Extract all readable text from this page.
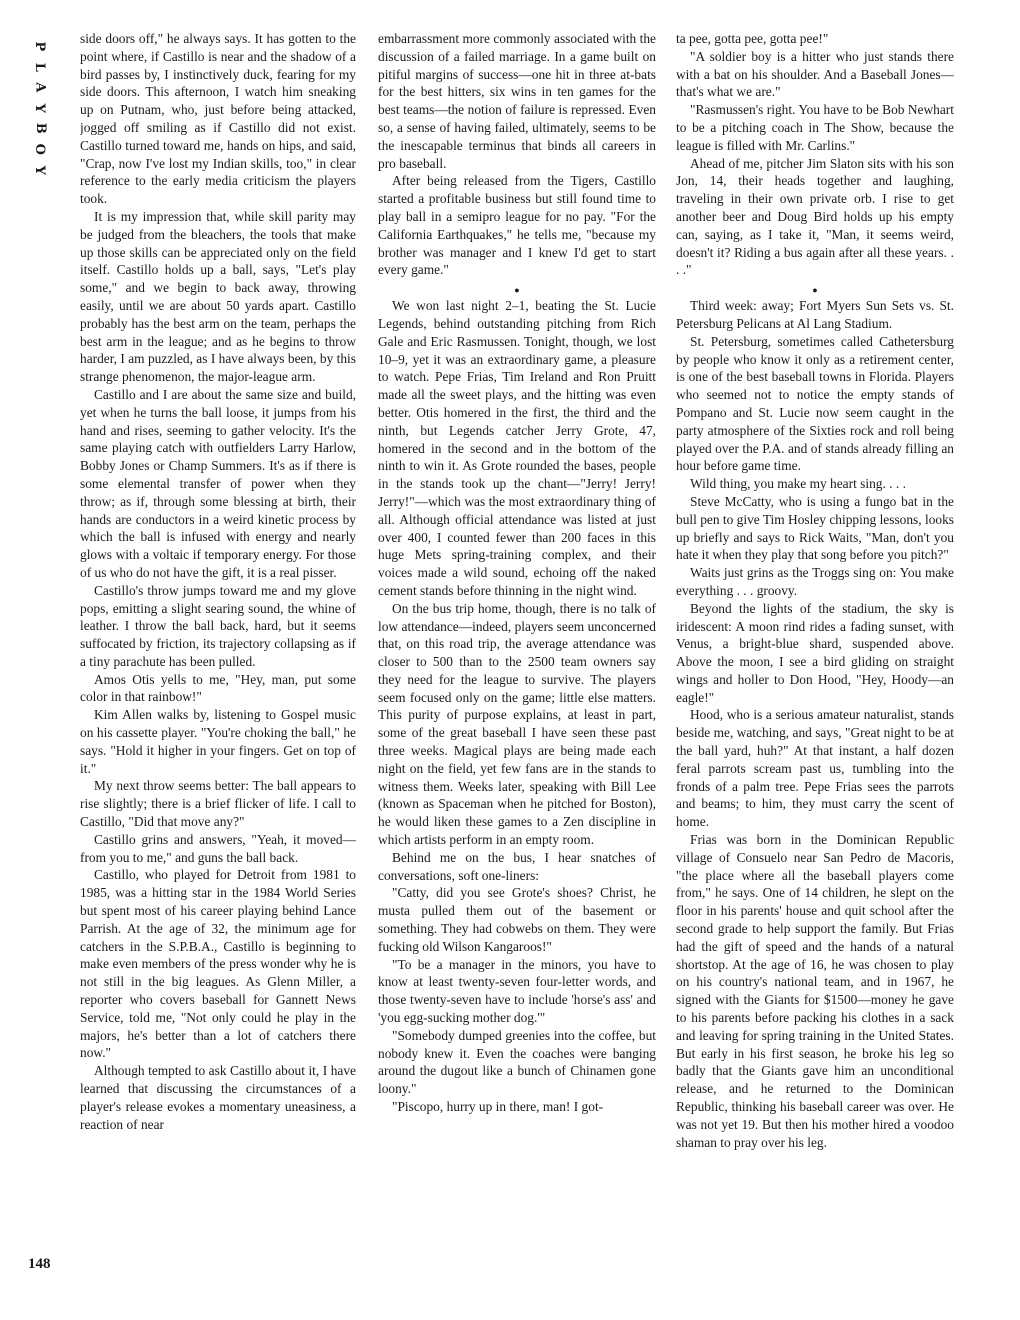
P
L
A
Y
B
O
Y
148

side doors off," he always says. It has gotten to the point where, if Castillo is near and the shadow of a bird passes by, I instinctively duck, fearing for my side doors. This afternoon, I watch him sneaking up on Putnam, who, just before being attacked, jogged off smiling as if Castillo did not exist. Castillo turned toward me, hands on hips, and said, "Crap, now I've lost my Indian skills, too," in clear reference to the early media criticism the players took.

It is my impression that, while skill parity may be judged from the bleachers, the tools that make up those skills can be appreciated only on the field itself. Castillo holds up a ball, says, "Let's play some," and we begin to back away, throwing easily, until we are about 50 yards apart. Castillo probably has the best arm on the team, perhaps the best arm in the league; and as he begins to throw harder, I am puzzled, as I have always been, by this strange phenomenon, the major-league arm.

Castillo and I are about the same size and build, yet when he turns the ball loose, it jumps from his hand and rises, seeming to gather velocity. It's the same playing catch with outfielders Larry Harlow, Bobby Jones or Champ Summers. It's as if there is some elemental transfer of power when they throw; as if, through some blessing at birth, their hands are conductors in a weird kinetic process by which the ball is infused with energy and nearly glows with a voltaic if temporary energy. For those of us who do not have the gift, it is a real pisser.

Castillo's throw jumps toward me and my glove pops, emitting a slight searing sound, the whine of leather. I throw the ball back, hard, but it seems suffocated by friction, its trajectory collapsing as if a tiny parachute has been pulled.

Amos Otis yells to me, "Hey, man, put some color in that rainbow!"

Kim Allen walks by, listening to Gospel music on his cassette player. "You're choking the ball," he says. "Hold it higher in your fingers. Get on top of it."

My next throw seems better: The ball appears to rise slightly; there is a brief flicker of life. I call to Castillo, "Did that move any?"

Castillo grins and answers, "Yeah, it moved—from you to me," and guns the ball back.

Castillo, who played for Detroit from 1981 to 1985, was a hitting star in the 1984 World Series but spent most of his career playing behind Lance Parrish. At the age of 32, the minimum age for catchers in the S.P.B.A., Castillo is beginning to make even members of the press wonder why he is not still in the big leagues. As Glenn Miller, a reporter who covers baseball for Gannett News Service, told me, "Not only could he play in the majors, he's better than a lot of catchers there now."

Although tempted to ask Castillo about it, I have learned that discussing the circumstances of a player's release evokes a momentary uneasiness, a reaction of near

embarrassment more commonly associated with the discussion of a failed marriage. In a game built on pitiful margins of success—one hit in three at-bats for the best hitters, six wins in ten games for the best teams—the notion of failure is repressed. Even so, a sense of having failed, ultimately, seems to be the inescapable terminus that binds all careers in pro baseball.

After being released from the Tigers, Castillo started a profitable business but still found time to play ball in a semipro league for no pay. "For the California Earthquakes," he tells me, "because my brother was manager and I knew I'd get to start every game."

●

We won last night 2–1, beating the St. Lucie Legends, behind outstanding pitching from Rich Gale and Eric Rasmussen. Tonight, though, we lost 10–9, yet it was an extraordinary game, a pleasure to watch. Pepe Frias, Tim Ireland and Ron Pruitt made all the sweet plays, and the hitting was even better. Otis homered in the first, the third and the ninth, but Legends catcher Jerry Grote, 47, homered in the second and in the bottom of the ninth to win it. As Grote rounded the bases, people in the stands took up the chant—"Jerry! Jerry! Jerry!"—which was the most extraordinary thing of all. Although official attendance was listed at just over 400, I counted fewer than 200 faces in this huge Mets spring-training complex, and their voices made a wild sound, echoing off the naked cement stands before thinning in the night wind.

On the bus trip home, though, there is no talk of low attendance—indeed, players seem unconcerned that, on this road trip, the average attendance was closer to 500 than to the 2500 team owners say they need for the league to survive. The players seem focused only on the game; little else matters. This purity of purpose explains, at least in part, some of the great baseball I have seen these past three weeks. Magical plays are being made each night on the field, yet few fans are in the stands to witness them. Weeks later, speaking with Bill Lee (known as Spaceman when he pitched for Boston), he would liken these games to a Zen discipline in which artists perform in an empty room.

Behind me on the bus, I hear snatches of conversations, soft one-liners:

"Catty, did you see Grote's shoes? Christ, he musta pulled them out of the basement or something. They had cobwebs on them. They were fucking old Wilson Kangaroos!"

"To be a manager in the minors, you have to know at least twenty-seven four-letter words, and those twenty-seven have to include 'horse's ass' and 'you egg-sucking mother dog.'"

"Somebody dumped greenies into the coffee, but nobody knew it. Even the coaches were banging around the dugout like a bunch of Chinamen gone loony."

"Piscopo, hurry up in there, man! I got-

ta pee, gotta pee, gotta pee!"

"A soldier boy is a hitter who just stands there with a bat on his shoulder. And a Baseball Jones—that's what we are."

"Rasmussen's right. You have to be Bob Newhart to be a pitching coach in The Show, because the league is filled with Mr. Carlins."

Ahead of me, pitcher Jim Slaton sits with his son Jon, 14, their heads together and laughing, traveling in their own private orb. I rise to get another beer and Doug Bird holds up his empty can, saying, as I take it, "Man, it seems weird, doesn't it? Riding a bus again after all these years. . . ."

●

Third week: away; Fort Myers Sun Sets vs. St. Petersburg Pelicans at Al Lang Stadium.

St. Petersburg, sometimes called Cathetersburg by people who know it only as a retirement center, is one of the best baseball towns in Florida. Players who seemed not to notice the empty stands of Pompano and St. Lucie now seem caught in the party atmosphere of the Sixties rock and roll being played over the P.A. and of stands already filling an hour before game time.

Wild thing, you make my heart sing. . . .

Steve McCatty, who is using a fungo bat in the bull pen to give Tim Hosley chipping lessons, looks up briefly and says to Rick Waits, "Man, don't you hate it when they play that song before you pitch?"

Waits just grins as the Troggs sing on: You make everything . . . groovy.

Beyond the lights of the stadium, the sky is iridescent: A moon rind rides a fading sunset, with Venus, a bright-blue shard, suspended above. Above the moon, I see a bird gliding on straight wings and holler to Don Hood, "Hey, Hoody—an eagle!"

Hood, who is a serious amateur naturalist, stands beside me, watching, and says, "Great night to be at the ball yard, huh?" At that instant, a half dozen feral parrots scream past us, tumbling into the fronds of a palm tree. Pepe Frias sees the parrots and beams; to him, they must carry the scent of home.

Frias was born in the Dominican Republic village of Consuelo near San Pedro de Macoris, "the place where all the baseball players come from," he says. One of 14 children, he slept on the floor in his parents' house and quit school after the second grade to help support the family. But Frias had the gift of speed and the hands of a natural shortstop. At the age of 16, he was chosen to play on his country's national team, and in 1967, he signed with the Giants for $1500—money he gave to his parents before packing his clothes in a sack and leaving for spring training in the United States. But early in his first season, he broke his leg so badly that the Giants gave him an unconditional release, and he returned to the Dominican Republic, thinking his baseball career was over. He was not yet 19. But then his mother hired a voodoo shaman to pray over his leg.
